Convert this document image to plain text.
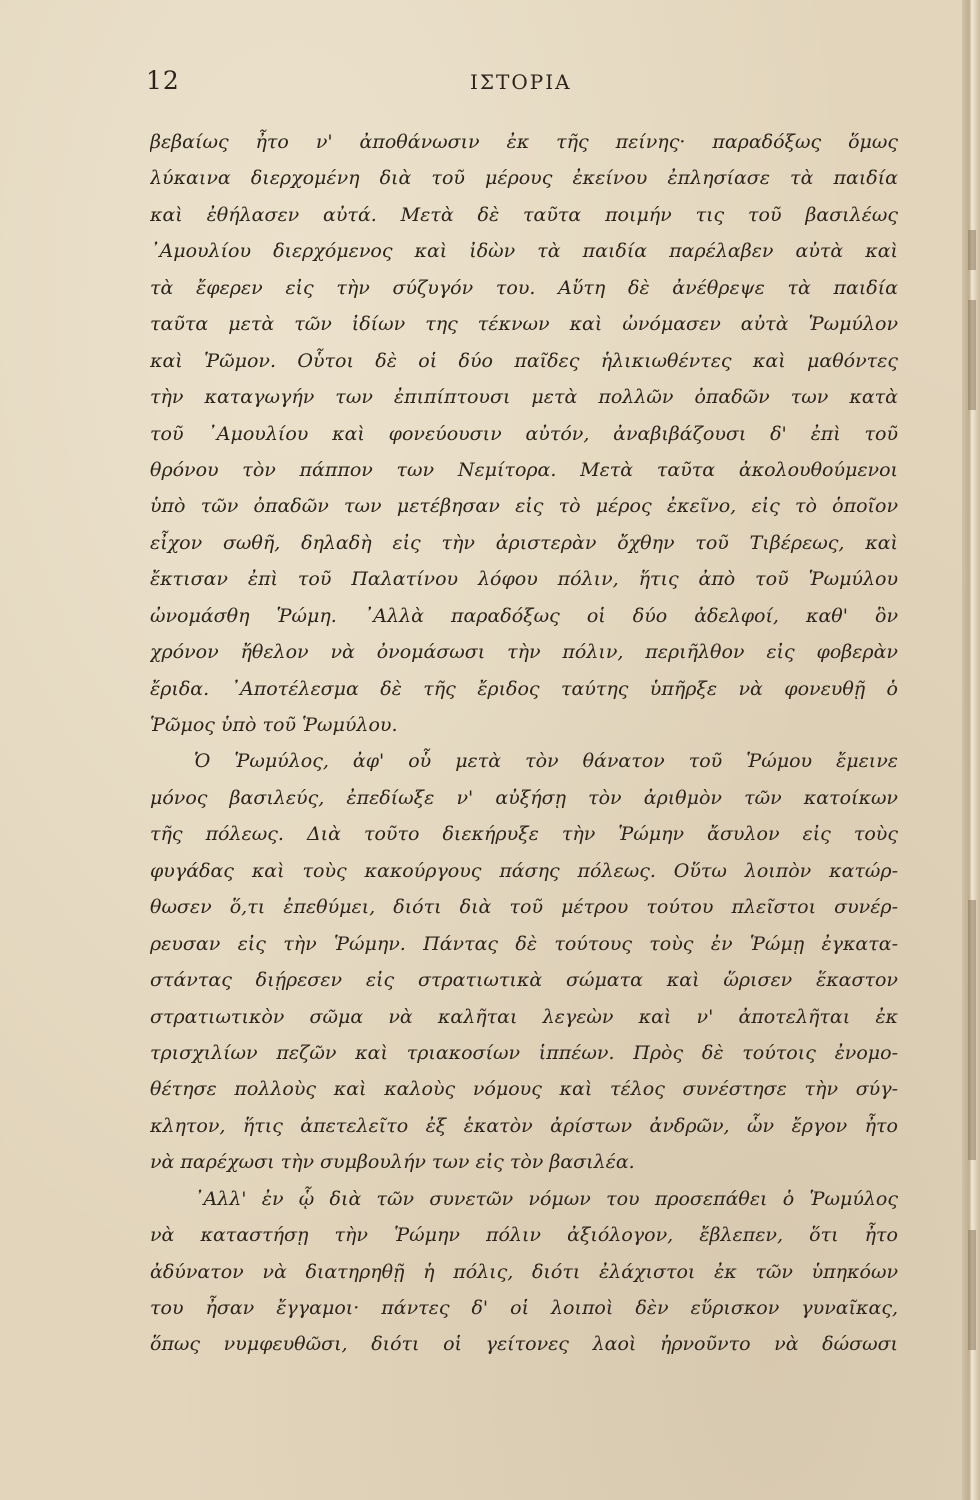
12	ΙΣΤΟΡΙΑ
βεβαίως ἦτο ν' ἀποθάνωσιν ἐκ τῆς πείνης· παραδόξως ὅμως
λύκαινα διερχομένη διὰ τοῦ μέρους ἐκείνου ἐπλησίασε τὰ παιδία
καὶ ἐθήλασεν αὐτά. Μετὰ δὲ ταῦτα ποιμήν τις τοῦ βασιλέως
᾿Αμουλίου διερχόμενος καὶ ἰδὼν τὰ παιδία παρέλαβεν αὐτὰ καὶ
τὰ ἔφερεν εἰς τὴν σύζυγόν του. Αὕτη δὲ ἀνέθρεψε τὰ παιδία
ταῦτα μετὰ τῶν ἰδίων της τέκνων καὶ ὠνόμασεν αὐτὰ Ῥωμύλον
καὶ Ῥῶμον. Οὗτοι δὲ οἱ δύο παῖδες ἡλικιωθέντες καὶ μαθόντες
τὴν καταγωγήν των ἐπιπίπτουσι μετὰ πολλῶν ὀπαδῶν των κατὰ
τοῦ ᾿Αμουλίου καὶ φονεύουσιν αὐτόν, ἀναβιβάζουσι δ' ἐπὶ τοῦ
θρόνου τὸν πάππον των Νεμίτορα. Μετὰ ταῦτα ἀκολουθούμενοι
ὑπὸ τῶν ὀπαδῶν των μετέβησαν εἰς τὸ μέρος ἐκεῖνο, εἰς τὸ ὁποῖον
εἶχον σωθῆ, δηλαδὴ εἰς τὴν ἀριστερὰν ὄχθην τοῦ Τιβέρεως, καὶ
ἔκτισαν ἐπὶ τοῦ Παλατίνου λόφου πόλιν, ἥτις ἀπὸ τοῦ Ῥωμύλου
ὠνομάσθη Ῥώμη. ᾿Αλλὰ παραδόξως οἱ δύο ἀδελφοί, καθ' ὃν
χρόνον ἤθελον νὰ ὀνομάσωσι τὴν πόλιν, περιῆλθον εἰς φοβερὰν
ἔριδα. ᾿Αποτέλεσμα δὲ τῆς ἔριδος ταύτης ὑπῆρξε νὰ φονευθῇ ὁ
Ῥῶμος ὑπὸ τοῦ Ῥωμύλου.
Ὁ Ῥωμύλος, ἀφ' οὗ μετὰ τὸν θάνατον τοῦ Ῥώμου ἔμεινε
μόνος βασιλεύς, ἐπεδίωξε ν' αὐξήσῃ τὸν ἀριθμὸν τῶν κατοίκων
τῆς πόλεως. Διὰ τοῦτο διεκήρυξε τὴν Ῥώμην ἄσυλον εἰς τοὺς
φυγάδας καὶ τοὺς κακούργους πάσης πόλεως. Οὕτω λοιπὸν κατώρ-
θωσεν ὅ,τι ἐπεθύμει, διότι διὰ τοῦ μέτρου τούτου πλεῖστοι συνέρ-
ρευσαν εἰς τὴν Ῥώμην. Πάντας δὲ τούτους τοὺς ἐν Ῥώμῃ ἐγκατα-
στάντας διῄρεσεν εἰς στρατιωτικὰ σώματα καὶ ὥρισεν ἕκαστον
στρατιωτικὸν σῶμα νὰ καλῆται λεγεὼν καὶ ν' ἀποτελῆται ἐκ
τρισχιλίων πεζῶν καὶ τριακοσίων ἱππέων. Πρὸς δὲ τούτοις ἐνομο-
θέτησε πολλοὺς καὶ καλοὺς νόμους καὶ τέλος συνέστησε τὴν σύγ-
κλητον, ἥτις ἀπετελεῖτο ἐξ ἑκατὸν ἀρίστων ἀνδρῶν, ὧν ἔργον ἦτο
νὰ παρέχωσι τὴν συμβουλήν των εἰς τὸν βασιλέα.
᾿Αλλ' ἐν ᾧ διὰ τῶν συνετῶν νόμων του προσεπάθει ὁ Ῥωμύλος
νὰ καταστήσῃ τὴν Ῥώμην πόλιν ἀξιόλογον, ἔβλεπεν, ὅτι ἦτο
ἀδύνατον νὰ διατηρηθῇ ἡ πόλις, διότι ἐλάχιστοι ἐκ τῶν ὑπηκόων
του ἦσαν ἔγγαμοι· πάντες δ' οἱ λοιποὶ δὲν εὕρισκον γυναῖκας,
ὅπως νυμφευθῶσι, διότι οἱ γείτονες λαοὶ ἠρνοῦντο νὰ δώσωσι
